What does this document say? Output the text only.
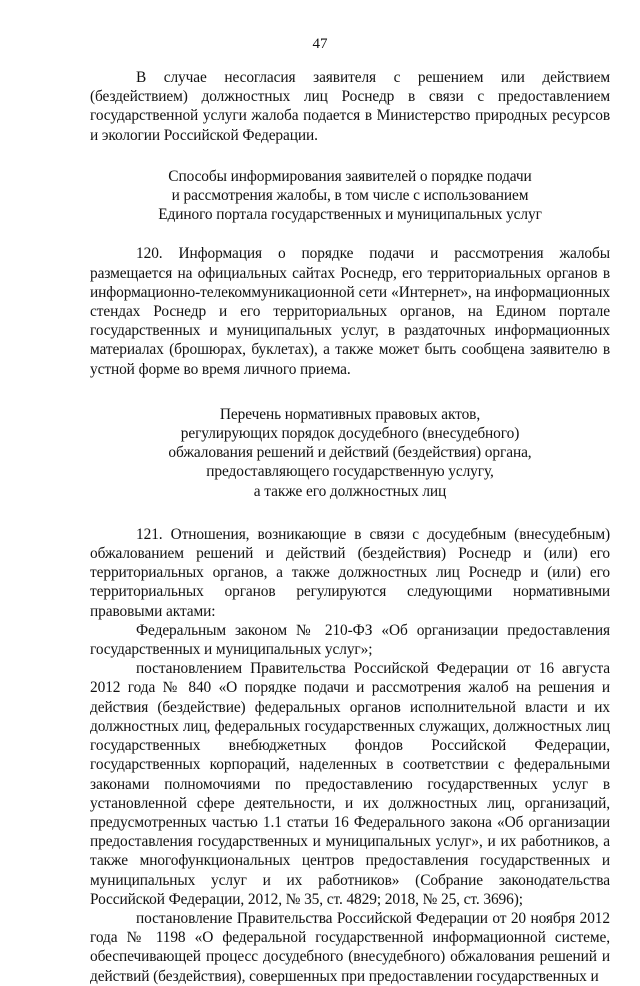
47

В случае несогласия заявителя с решением или действием (бездействием) должностных лиц Роснедр в связи с предоставлением государственной услуги жалоба подается в Министерство природных ресурсов и экологии Российской Федерации.

Способы информирования заявителей о порядке подачи
и рассмотрения жалобы, в том числе с использованием
Единого портала государственных и муниципальных услуг

120. Информация о порядке подачи и рассмотрения жалобы размещается на официальных сайтах Роснедр, его территориальных органов в информационно-телекоммуникационной сети «Интернет», на информационных стендах Роснедр и его территориальных органов, на Едином портале государственных и муниципальных услуг, в раздаточных информационных материалах (брошюрах, буклетах), а также может быть сообщена заявителю в устной форме во время личного приема.

Перечень нормативных правовых актов,
регулирующих порядок досудебного (внесудебного)
обжалования решений и действий (бездействия) органа,
предоставляющего государственную услугу,
а также его должностных лиц

121. Отношения, возникающие в связи с досудебным (внесудебным) обжалованием решений и действий (бездействия) Роснедр и (или) его территориальных органов, а также должностных лиц Роснедр и (или) его территориальных органов регулируются следующими нормативными правовыми актами:

Федеральным законом № 210-ФЗ «Об организации предоставления государственных и муниципальных услуг»;

постановлением Правительства Российской Федерации от 16 августа 2012 года № 840 «О порядке подачи и рассмотрения жалоб на решения и действия (бездействие) федеральных органов исполнительной власти и их должностных лиц, федеральных государственных служащих, должностных лиц государственных внебюджетных фондов Российской Федерации, государственных корпораций, наделенных в соответствии с федеральными законами полномочиями по предоставлению государственных услуг в установленной сфере деятельности, и их должностных лиц, организаций, предусмотренных частью 1.1 статьи 16 Федерального закона «Об организации предоставления государственных и муниципальных услуг», и их работников, а также многофункциональных центров предоставления государственных и муниципальных услуг и их работников» (Собрание законодательства Российской Федерации, 2012, № 35, ст. 4829; 2018, № 25, ст. 3696);

постановление Правительства Российской Федерации от 20 ноября 2012 года № 1198 «О федеральной государственной информационной системе, обеспечивающей процесс досудебного (внесудебного) обжалования решений и действий (бездействия), совершенных при предоставлении государственных и
